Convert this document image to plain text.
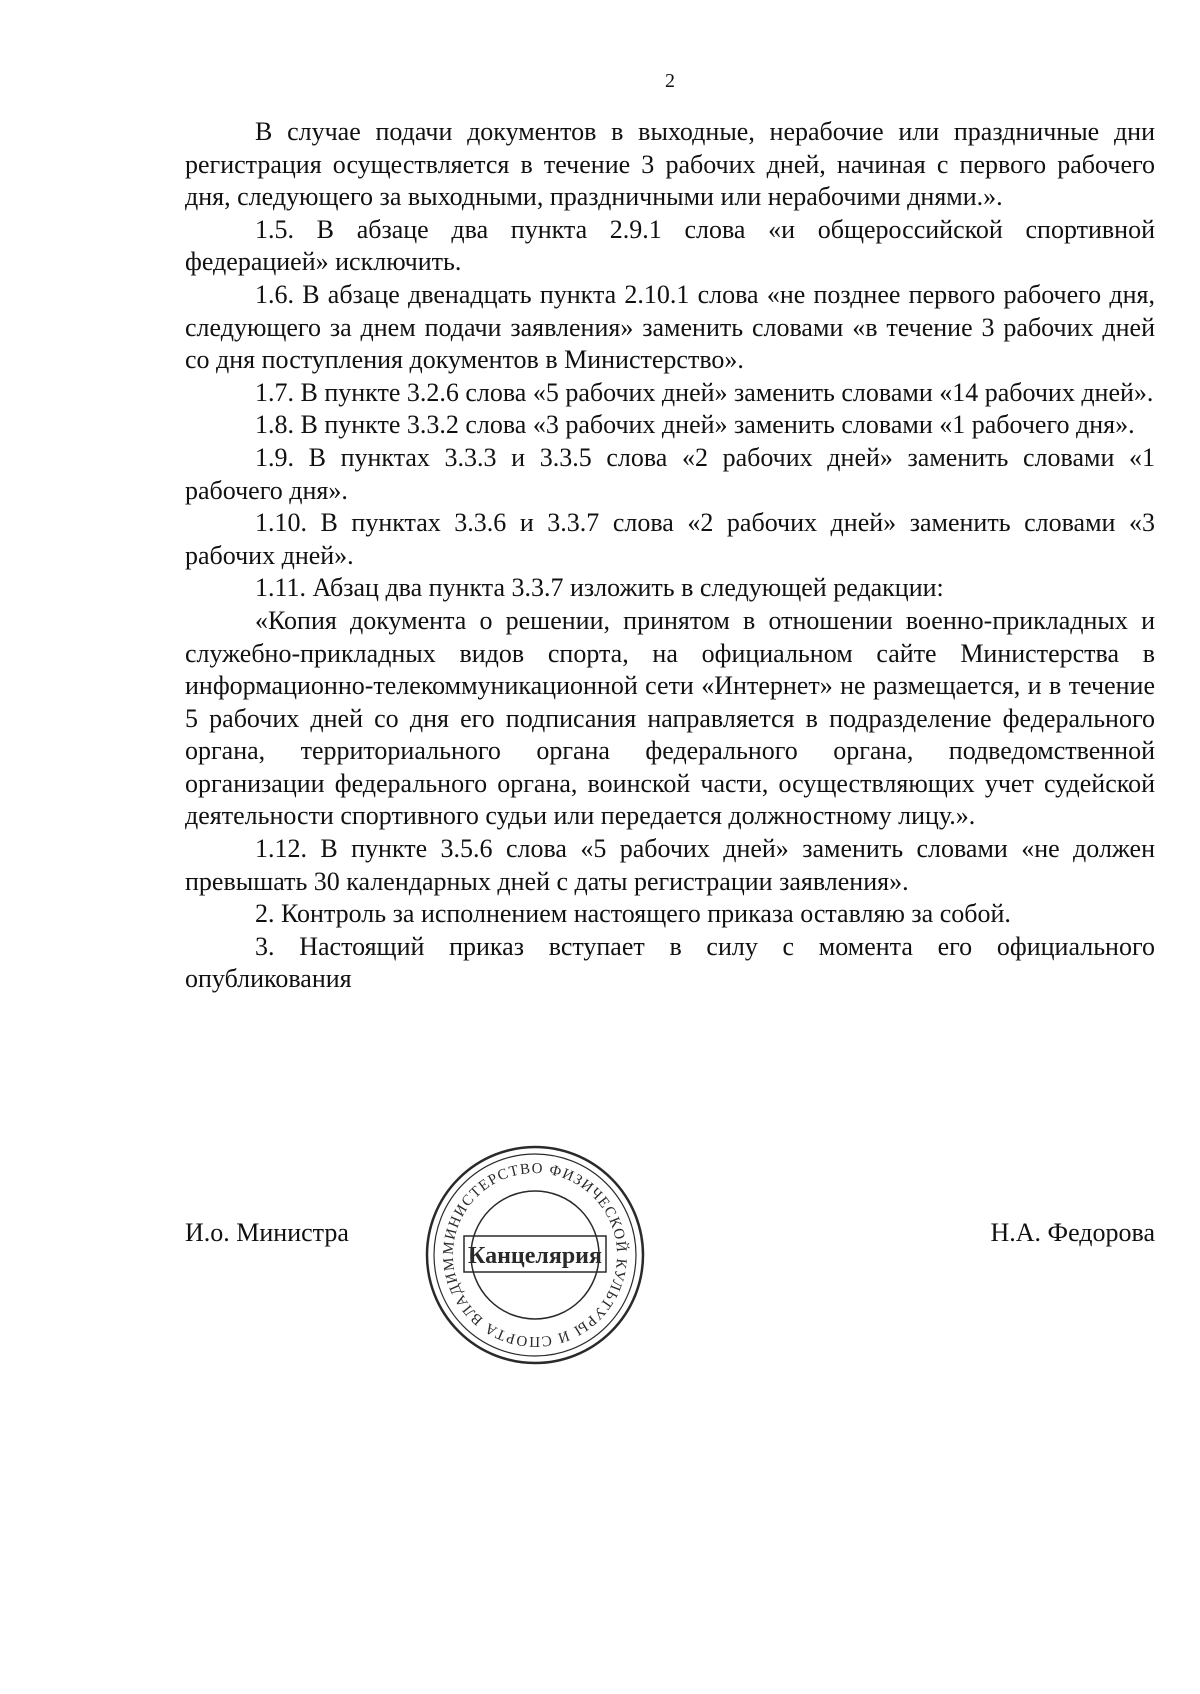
2

В случае подачи документов в выходные, нерабочие или праздничные дни регистрация осуществляется в течение 3 рабочих дней, начиная с первого рабочего дня, следующего за выходными, праздничными или нерабочими днями.».

1.5. В абзаце два пункта 2.9.1 слова «и общероссийской спортивной федерацией» исключить.

1.6. В абзаце двенадцать пункта 2.10.1 слова «не позднее первого рабочего дня, следующего за днем подачи заявления» заменить словами «в течение 3 рабочих дней со дня поступления документов в Министерство».

1.7. В пункте 3.2.6 слова «5 рабочих дней» заменить словами «14 рабочих дней».

1.8. В пункте 3.3.2 слова «3 рабочих дней» заменить словами «1 рабочего дня».

1.9. В пунктах 3.3.3 и 3.3.5 слова «2 рабочих дней» заменить словами «1 рабочего дня».

1.10. В пунктах 3.3.6 и 3.3.7 слова «2 рабочих дней» заменить словами «3 рабочих дней».

1.11. Абзац два пункта 3.3.7 изложить в следующей редакции:

«Копия документа о решении, принятом в отношении военно-прикладных и служебно-прикладных видов спорта, на официальном сайте Министерства в информационно-телекоммуникационной сети «Интернет» не размещается, и в течение 5 рабочих дней со дня его подписания направляется в подразделение федерального органа, территориального органа федерального органа, подведомственной организации федерального органа, воинской части, осуществляющих учет судейской деятельности спортивного судьи или передается должностному лицу.».

1.12. В пункте 3.5.6 слова «5 рабочих дней» заменить словами «не должен превышать 30 календарных дней с даты регистрации заявления».

2. Контроль за исполнением настоящего приказа оставляю за собой.

3. Настоящий приказ вступает в силу с момента его официального опубликования

И.о. Министра	Н.А. Федорова
МИНИСТЕРСТВО ФИЗИЧЕСКОЙ КУЛЬТУРЫ И СПОРТА ВЛАДИМ Канцелярия
